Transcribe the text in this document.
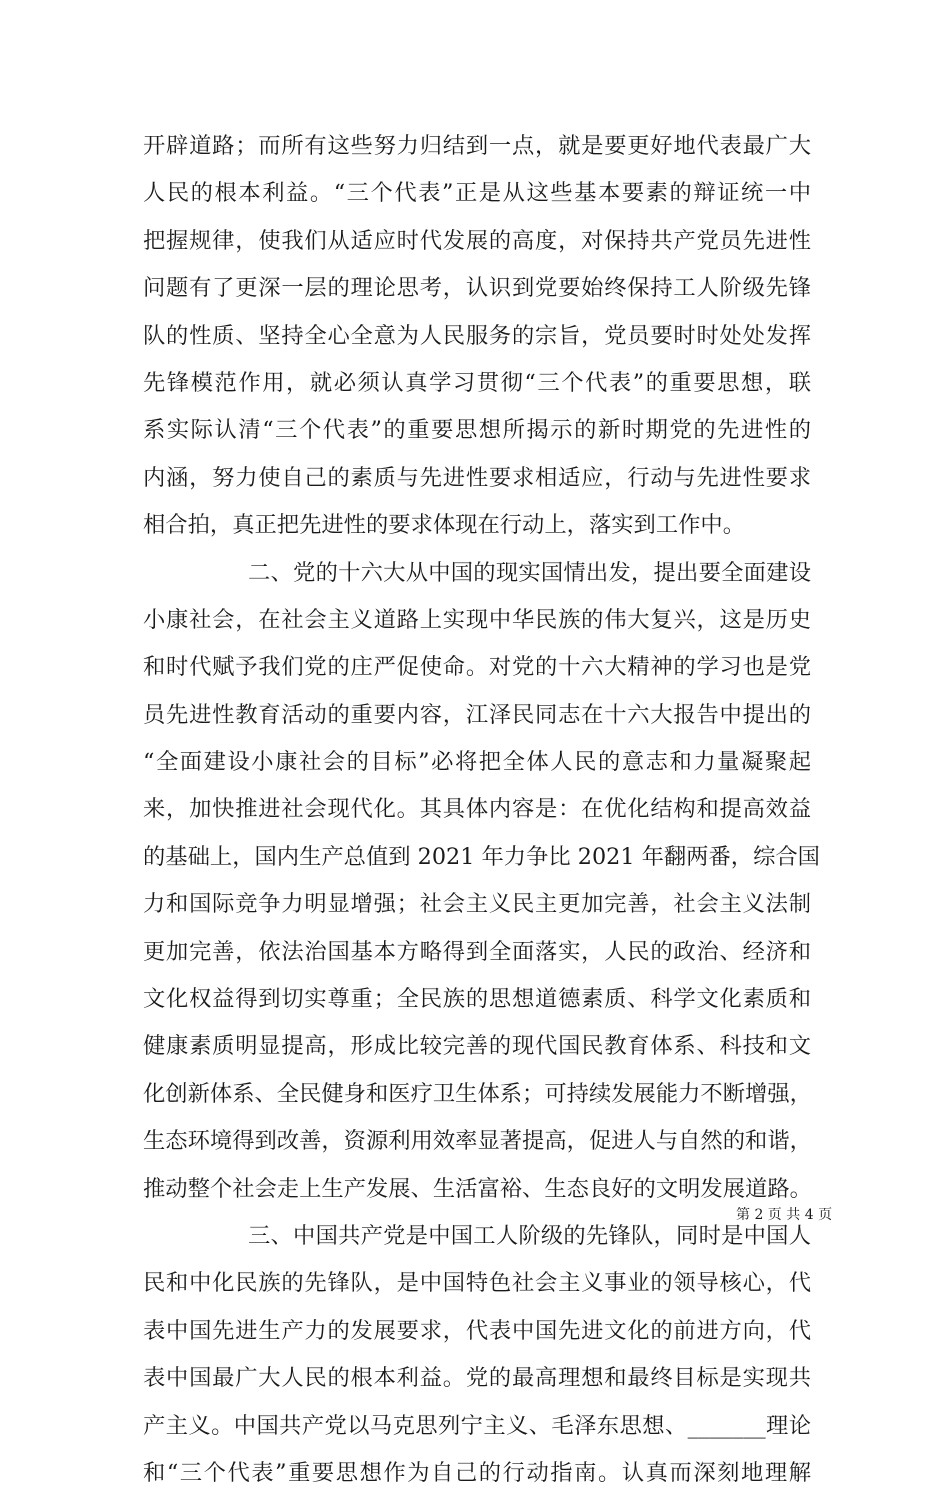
开辟道路；而所有这些努力归结到一点，就是要更好地代表最广大
人民的根本利益。“三个代表”正是从这些基本要素的辩证统一中
把握规律，使我们从适应时代发展的高度，对保持共产党员先进性
问题有了更深一层的理论思考，认识到党要始终保持工人阶级先锋
队的性质、坚持全心全意为人民服务的宗旨，党员要时时处处发挥
先锋模范作用，就必须认真学习贯彻“三个代表”的重要思想，联
系实际认清“三个代表”的重要思想所揭示的新时期党的先进性的
内涵，努力使自己的素质与先进性要求相适应，行动与先进性要求
相合拍，真正把先进性的要求体现在行动上，落实到工作中。
二、党的十六大从中国的现实国情出发，提出要全面建设
小康社会，在社会主义道路上实现中华民族的伟大复兴，这是历史
和时代赋予我们党的庄严促使命。对党的十六大精神的学习也是党
员先进性教育活动的重要内容，江泽民同志在十六大报告中提出的
“全面建设小康社会的目标”必将把全体人民的意志和力量凝聚起
来，加快推进社会现代化。其具体内容是：在优化结构和提高效益
的基础上，国内生产总值到 2021 年力争比 2021 年翻两番，综合国
力和国际竞争力明显增强；社会主义民主更加完善，社会主义法制
更加完善，依法治国基本方略得到全面落实，人民的政治、经济和
文化权益得到切实尊重；全民族的思想道德素质、科学文化素质和
健康素质明显提高，形成比较完善的现代国民教育体系、科技和文
化创新体系、全民健身和医疗卫生体系；可持续发展能力不断增强，
生态环境得到改善，资源利用效率显著提高，促进人与自然的和谐，
推动整个社会走上生产发展、生活富裕、生态良好的文明发展道路。
三、中国共产党是中国工人阶级的先锋队，同时是中国人
民和中化民族的先锋队，是中国特色社会主义事业的领导核心，代
表中国先进生产力的发展要求，代表中国先进文化的前进方向，代
表中国最广大人民的根本利益。党的最高理想和最终目标是实现共
产主义。中国共产党以马克思列宁主义、毛泽东思想、_______理论
和“三个代表”重要思想作为自己的行动指南。认真而深刻地理解
第 2 页 共 4 页
